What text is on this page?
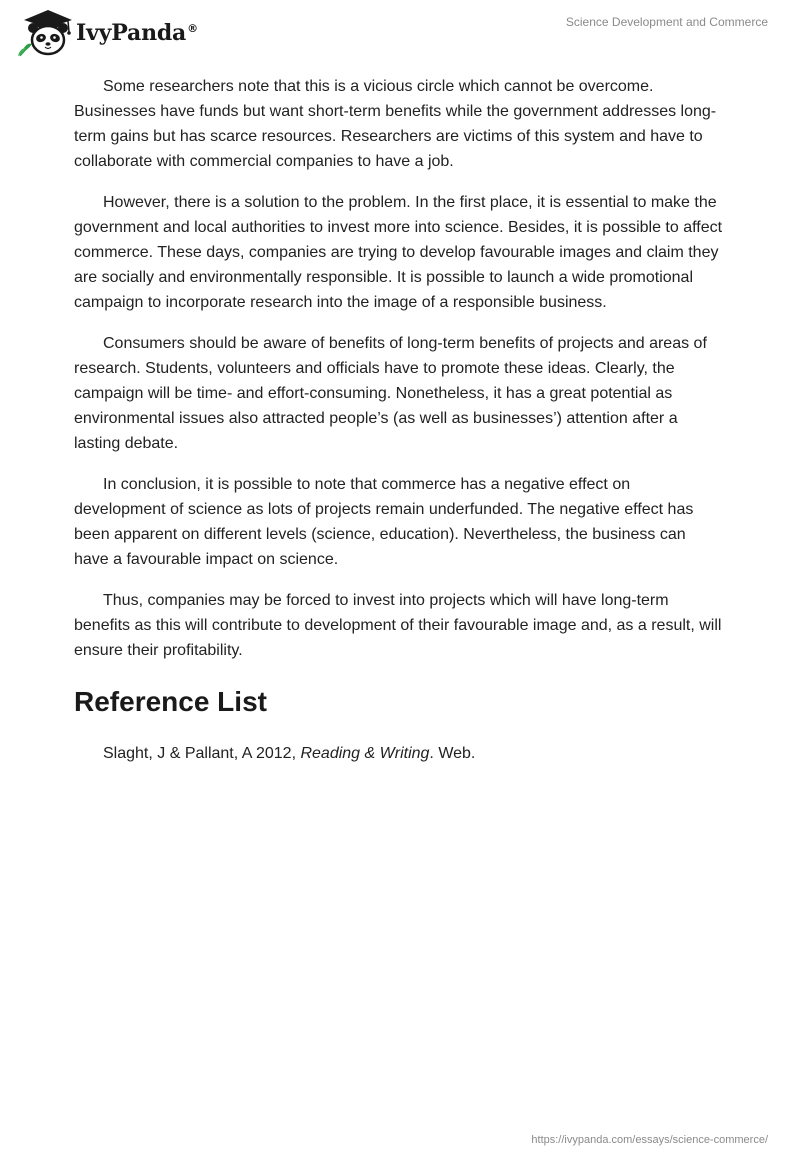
IvyPanda®	Science Development and Commerce

Some researchers note that this is a vicious circle which cannot be overcome. Businesses have funds but want short-term benefits while the government addresses long-term gains but has scarce resources. Researchers are victims of this system and have to collaborate with commercial companies to have a job.

However, there is a solution to the problem. In the first place, it is essential to make the government and local authorities to invest more into science. Besides, it is possible to affect commerce. These days, companies are trying to develop favourable images and claim they are socially and environmentally responsible. It is possible to launch a wide promotional campaign to incorporate research into the image of a responsible business.

Consumers should be aware of benefits of long-term benefits of projects and areas of research. Students, volunteers and officials have to promote these ideas. Clearly, the campaign will be time- and effort-consuming. Nonetheless, it has a great potential as environmental issues also attracted people’s (as well as businesses’) attention after a lasting debate.

In conclusion, it is possible to note that commerce has a negative effect on development of science as lots of projects remain underfunded. The negative effect has been apparent on different levels (science, education). Nevertheless, the business can have a favourable impact on science.

Thus, companies may be forced to invest into projects which will have long-term benefits as this will contribute to development of their favourable image and, as a result, will ensure their profitability.

Reference List

Slaght, J & Pallant, A 2012, Reading & Writing. Web.

https://ivypanda.com/essays/science-commerce/
